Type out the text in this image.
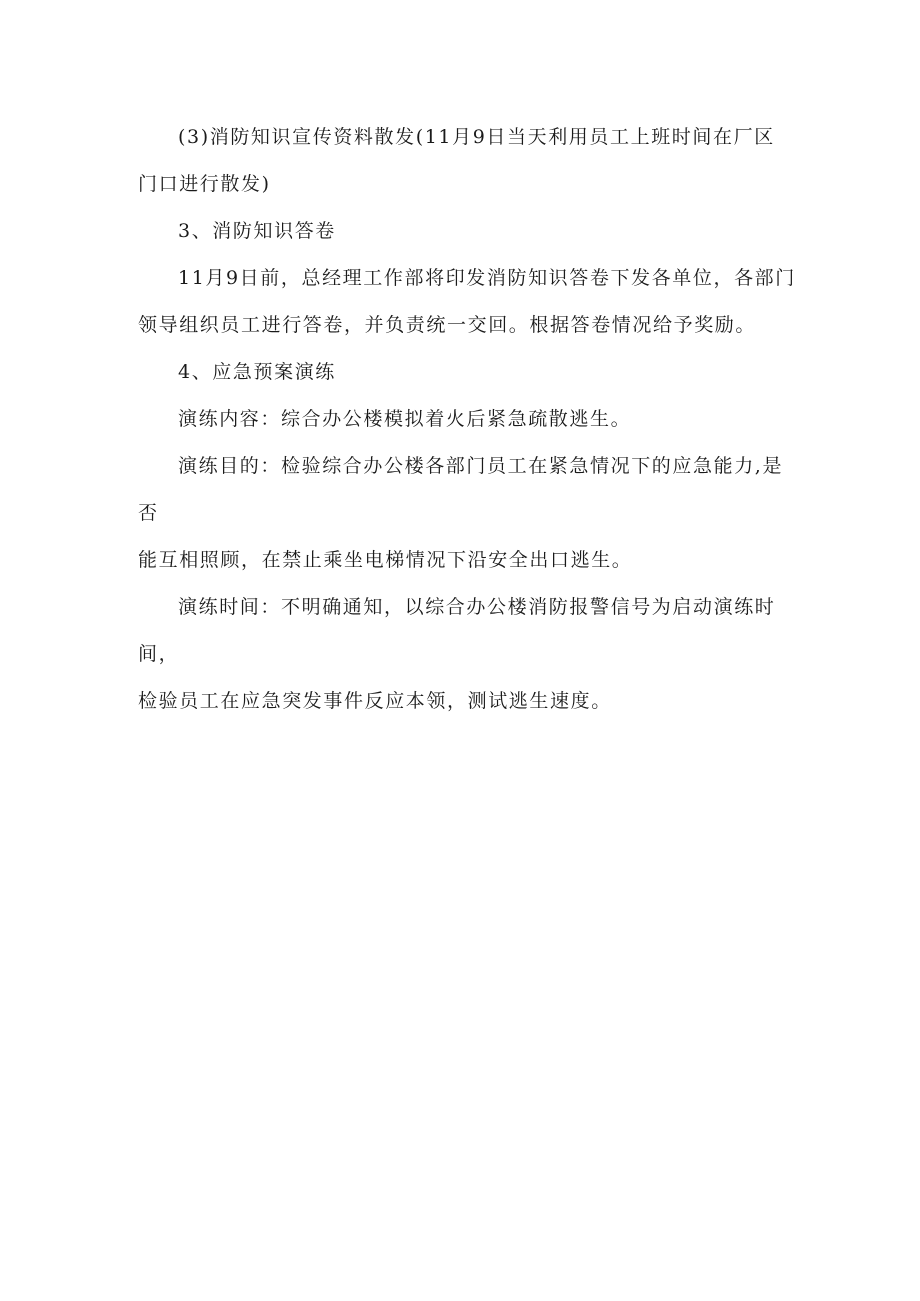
(3)消防知识宣传资料散发(11月9日当天利用员工上班时间在厂区
门口进行散发)

3、消防知识答卷

11月9日前，总经理工作部将印发消防知识答卷下发各单位，各部门
领导组织员工进行答卷，并负责统一交回。根据答卷情况给予奖励。

4、应急预案演练

演练内容：综合办公楼模拟着火后紧急疏散逃生。

演练目的：检验综合办公楼各部门员工在紧急情况下的应急能力,是否
能互相照顾，在禁止乘坐电梯情况下沿安全出口逃生。

演练时间：不明确通知，以综合办公楼消防报警信号为启动演练时间，
检验员工在应急突发事件反应本领，测试逃生速度。
